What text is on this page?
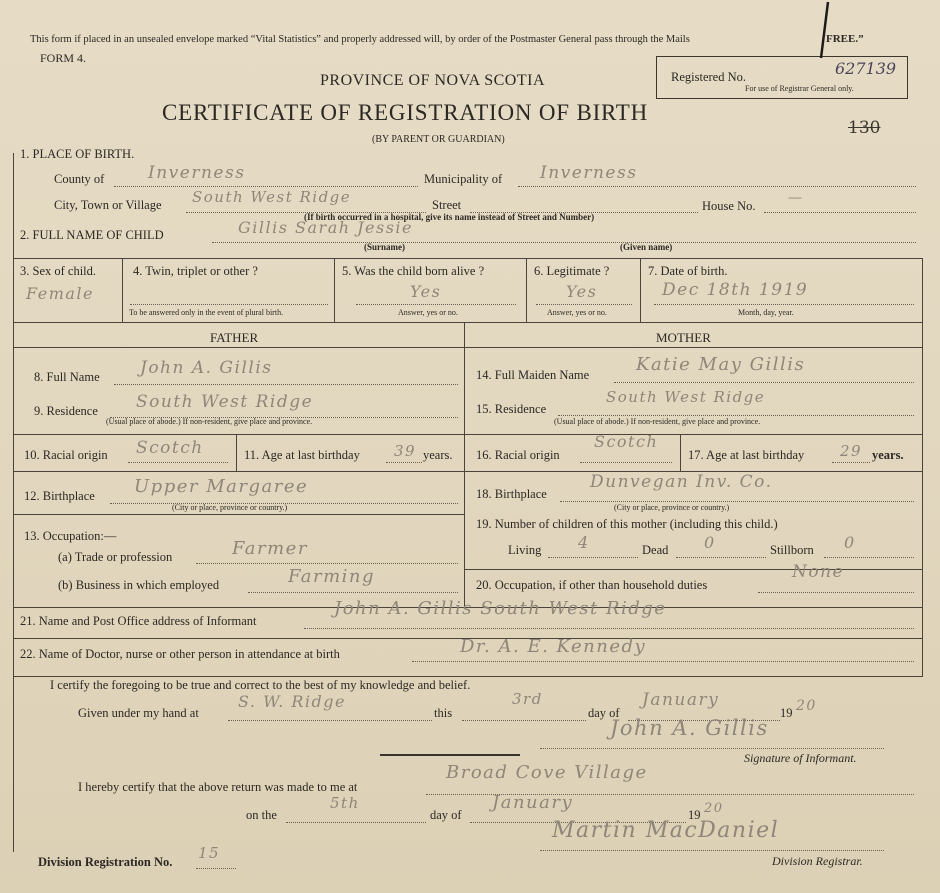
This form if placed in an unsealed envelope marked “Vital Statistics” and properly addressed will, by order of the Postmaster General pass through the Mails	FREE.”
FORM 4.
PROVINCE OF NOVA SCOTIA
CERTIFICATE OF REGISTRATION OF BIRTH
(BY PARENT OR GUARDIAN)
Registered No.	627139
For use of Registrar General only.
130
1. PLACE OF BIRTH.
County of	Inverness	Municipality of Inverness
City, Town or Village South West Ridge	Street	House No. —
(If birth occurred in a hospital, give its name instead of Street and Number)
2. FULL NAME OF CHILD	Gillis Sarah Jessie
(Surname)	(Given name)
3. Sex of child.
Female
4. Twin, triplet or other ?
To be answered only in the event of plural birth.
5. Was the child born alive ?
Yes
Answer, yes or no.
6. Legitimate ?
Yes
Answer, yes or no.
7. Date of birth.
Dec 18th 1919
Month, day, year.
FATHER	MOTHER
8. Full Name John A. Gillis
9. Residence South West Ridge
(Usual place of abode.) If non-resident, give place and province.
10. Racial origin Scotch	11. Age at last birthday 39 years.
12. Birthplace Upper Margaree
(City or place, province or country.)
13. Occupation:—
(a) Trade or profession	Farmer
(b) Business in which employed	Farming
14. Full Maiden Name	Katie May Gillis
15. Residence
South West Ridge
(Usual place of abode.) If non-resident, give place and province.
16. Racial origin
Scotch
17. Age at last birthday 29 years.
18. Birthplace
Dunvegan Inv. Co.
(City or place, province or country.)
19. Number of children of this mother (including this child.)
Living 4	Dead 0	Stillborn 0
20. Occupation, if other than household duties
None
21. Name and Post Office address of Informant
John A. Gillis South West Ridge
22. Name of Doctor, nurse or other person in attendance at birth	Dr. A. E. Kennedy
I certify the foregoing to be true and correct to the best of my knowledge and belief.
Given under my hand at
S. W. Ridge
this
3rd
day of
January
19 20
John A. Gillis
Signature of Informant.
I hereby certify that the above return was made to me at
Broad Cove Village
on the
5th
day of
January
19 20
Martin MacDaniel
Division Registrar.
Division Registration No. 15
